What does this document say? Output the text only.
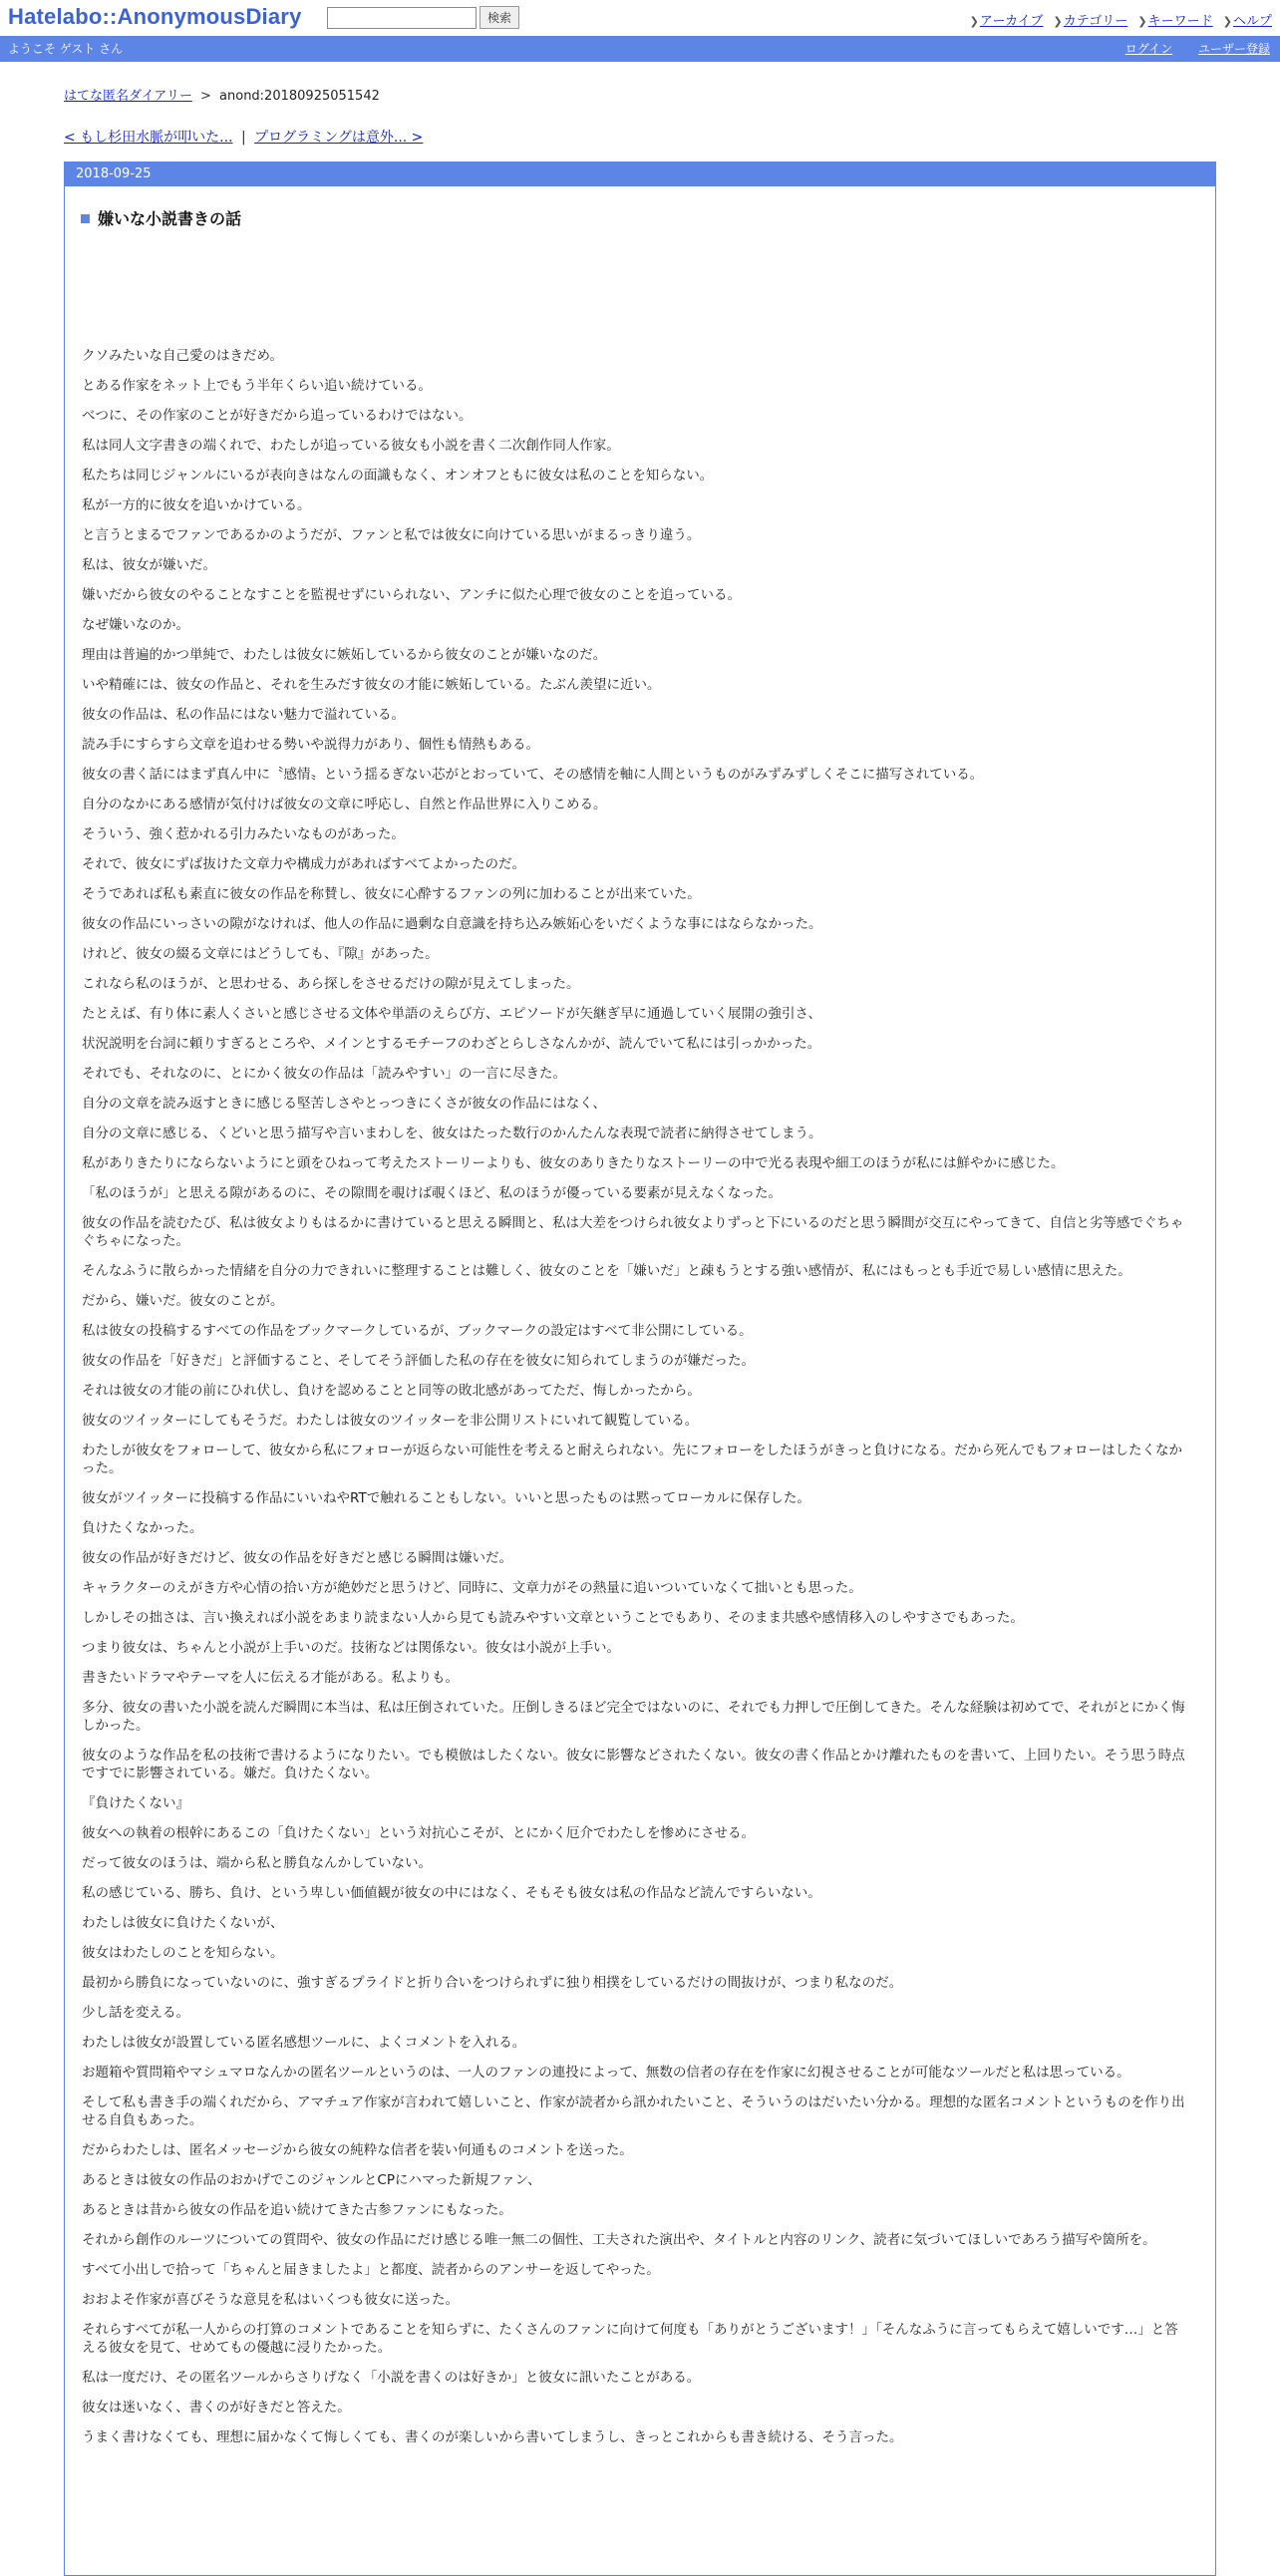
Hatelabo::AnonymousDiary	検索	❯アーカイブ ❯カテゴリー ❯キーワード ❯ヘルプ
ようこそ ゲスト さん	ログイン ユーザー登録
はてな匿名ダイアリー > anond:20180925051542
< もし杉田水脈が叩いた... | プログラミングは意外... >
2018-09-25
嫌いな小説書きの話

クソみたいな自己愛のはきだめ。

とある作家をネット上でもう半年くらい追い続けている。

べつに、その作家のことが好きだから追っているわけではない。

私は同人文字書きの端くれで、わたしが追っている彼女も小説を書く二次創作同人作家。

私たちは同じジャンルにいるが表向きはなんの面識もなく、オンオフともに彼女は私のことを知らない。

私が一方的に彼女を追いかけている。

と言うとまるでファンであるかのようだが、ファンと私では彼女に向けている思いがまるっきり違う。

私は、彼女が嫌いだ。

嫌いだから彼女のやることなすことを監視せずにいられない、アンチに似た心理で彼女のことを追っている。

なぜ嫌いなのか。

理由は普遍的かつ単純で、わたしは彼女に嫉妬しているから彼女のことが嫌いなのだ。

いや精確には、彼女の作品と、それを生みだす彼女の才能に嫉妬している。たぶん羨望に近い。

彼女の作品は、私の作品にはない魅力で溢れている。

読み手にすらすら文章を追わせる勢いや説得力があり、個性も情熱もある。

彼女の書く話にはまず真ん中に〝感情〟という揺るぎない芯がとおっていて、その感情を軸に人間というものがみずみずしくそこに描写されている。

自分のなかにある感情が気付けば彼女の文章に呼応し、自然と作品世界に入りこめる。

そういう、強く惹かれる引力みたいなものがあった。

それで、彼女にずば抜けた文章力や構成力があればすべてよかったのだ。

そうであれば私も素直に彼女の作品を称賛し、彼女に心酔するファンの列に加わることが出来ていた。

彼女の作品にいっさいの隙がなければ、他人の作品に過剰な自意識を持ち込み嫉妬心をいだくような事にはならなかった。

けれど、彼女の綴る文章にはどうしても、『隙』があった。

これなら私のほうが、と思わせる、あら探しをさせるだけの隙が見えてしまった。

たとえば、有り体に素人くさいと感じさせる文体や単語のえらび方、エピソードが矢継ぎ早に通過していく展開の強引さ、

状況説明を台詞に頼りすぎるところや、メインとするモチーフのわざとらしさなんかが、読んでいて私には引っかかった。

それでも、それなのに、とにかく彼女の作品は「読みやすい」の一言に尽きた。

自分の文章を読み返すときに感じる堅苦しさやとっつきにくさが彼女の作品にはなく、

自分の文章に感じる、くどいと思う描写や言いまわしを、彼女はたった数行のかんたんな表現で読者に納得させてしまう。

私がありきたりにならないようにと頭をひねって考えたストーリーよりも、彼女のありきたりなストーリーの中で光る表現や細工のほうが私には鮮やかに感じた。

「私のほうが」と思える隙があるのに、その隙間を覗けば覗くほど、私のほうが優っている要素が見えなくなった。

彼女の作品を読むたび、私は彼女よりもはるかに書けていると思える瞬間と、私は大差をつけられ彼女よりずっと下にいるのだと思う瞬間が交互にやってきて、自信と劣等感でぐちゃぐちゃになった。

そんなふうに散らかった情緒を自分の力できれいに整理することは難しく、彼女のことを「嫌いだ」と疎もうとする強い感情が、私にはもっとも手近で易しい感情に思えた。

だから、嫌いだ。彼女のことが。

私は彼女の投稿するすべての作品をブックマークしているが、ブックマークの設定はすべて非公開にしている。

彼女の作品を「好きだ」と評価すること、そしてそう評価した私の存在を彼女に知られてしまうのが嫌だった。

それは彼女の才能の前にひれ伏し、負けを認めることと同等の敗北感があってただ、悔しかったから。

彼女のツイッターにしてもそうだ。わたしは彼女のツイッターを非公開リストにいれて観覧している。

わたしが彼女をフォローして、彼女から私にフォローが返らない可能性を考えると耐えられない。先にフォローをしたほうがきっと負けになる。だから死んでもフォローはしたくなかった。

彼女がツイッターに投稿する作品にいいねやRTで触れることもしない。いいと思ったものは黙ってローカルに保存した。

負けたくなかった。

彼女の作品が好きだけど、彼女の作品を好きだと感じる瞬間は嫌いだ。

キャラクターのえがき方や心情の拾い方が絶妙だと思うけど、同時に、文章力がその熱量に追いついていなくて拙いとも思った。

しかしその拙さは、言い換えれば小説をあまり読まない人から見ても読みやすい文章ということでもあり、そのまま共感や感情移入のしやすさでもあった。

つまり彼女は、ちゃんと小説が上手いのだ。技術などは関係ない。彼女は小説が上手い。

書きたいドラマやテーマを人に伝える才能がある。私よりも。

多分、彼女の書いた小説を読んだ瞬間に本当は、私は圧倒されていた。圧倒しきるほど完全ではないのに、それでも力押しで圧倒してきた。そんな経験は初めてで、それがとにかく悔しかった。

彼女のような作品を私の技術で書けるようになりたい。でも模倣はしたくない。彼女に影響などされたくない。彼女の書く作品とかけ離れたものを書いて、上回りたい。そう思う時点ですでに影響されている。嫌だ。負けたくない。

『負けたくない』

彼女への執着の根幹にあるこの「負けたくない」という対抗心こそが、とにかく厄介でわたしを惨めにさせる。

だって彼女のほうは、端から私と勝負なんかしていない。

私の感じている、勝ち、負け、という卑しい価値観が彼女の中にはなく、そもそも彼女は私の作品など読んですらいない。

わたしは彼女に負けたくないが、

彼女はわたしのことを知らない。

最初から勝負になっていないのに、強すぎるプライドと折り合いをつけられずに独り相撲をしているだけの間抜けが、つまり私なのだ。

少し話を変える。

わたしは彼女が設置している匿名感想ツールに、よくコメントを入れる。

お題箱や質問箱やマシュマロなんかの匿名ツールというのは、一人のファンの連投によって、無数の信者の存在を作家に幻視させることが可能なツールだと私は思っている。

そして私も書き手の端くれだから、アマチュア作家が言われて嬉しいこと、作家が読者から訊かれたいこと、そういうのはだいたい分かる。理想的な匿名コメントというものを作り出せる自負もあった。

だからわたしは、匿名メッセージから彼女の純粋な信者を装い何通ものコメントを送った。

あるときは彼女の作品のおかげでこのジャンルとCPにハマった新規ファン、

あるときは昔から彼女の作品を追い続けてきた古参ファンにもなった。

それから創作のルーツについての質問や、彼女の作品にだけ感じる唯一無二の個性、工夫された演出や、タイトルと内容のリンク、読者に気づいてほしいであろう描写や箇所を。

すべて小出しで拾って「ちゃんと届きましたよ」と都度、読者からのアンサーを返してやった。

おおよそ作家が喜びそうな意見を私はいくつも彼女に送った。

それらすべてが私一人からの打算のコメントであることを知らずに、たくさんのファンに向けて何度も「ありがとうございます！」「そんなふうに言ってもらえて嬉しいです…」と答える彼女を見て、せめてもの優越に浸りたかった。

私は一度だけ、その匿名ツールからさりげなく「小説を書くのは好きか」と彼女に訊いたことがある。

彼女は迷いなく、書くのが好きだと答えた。

うまく書けなくても、理想に届かなくて悔しくても、書くのが楽しいから書いてしまうし、きっとこれからも書き続ける、そう言った。
